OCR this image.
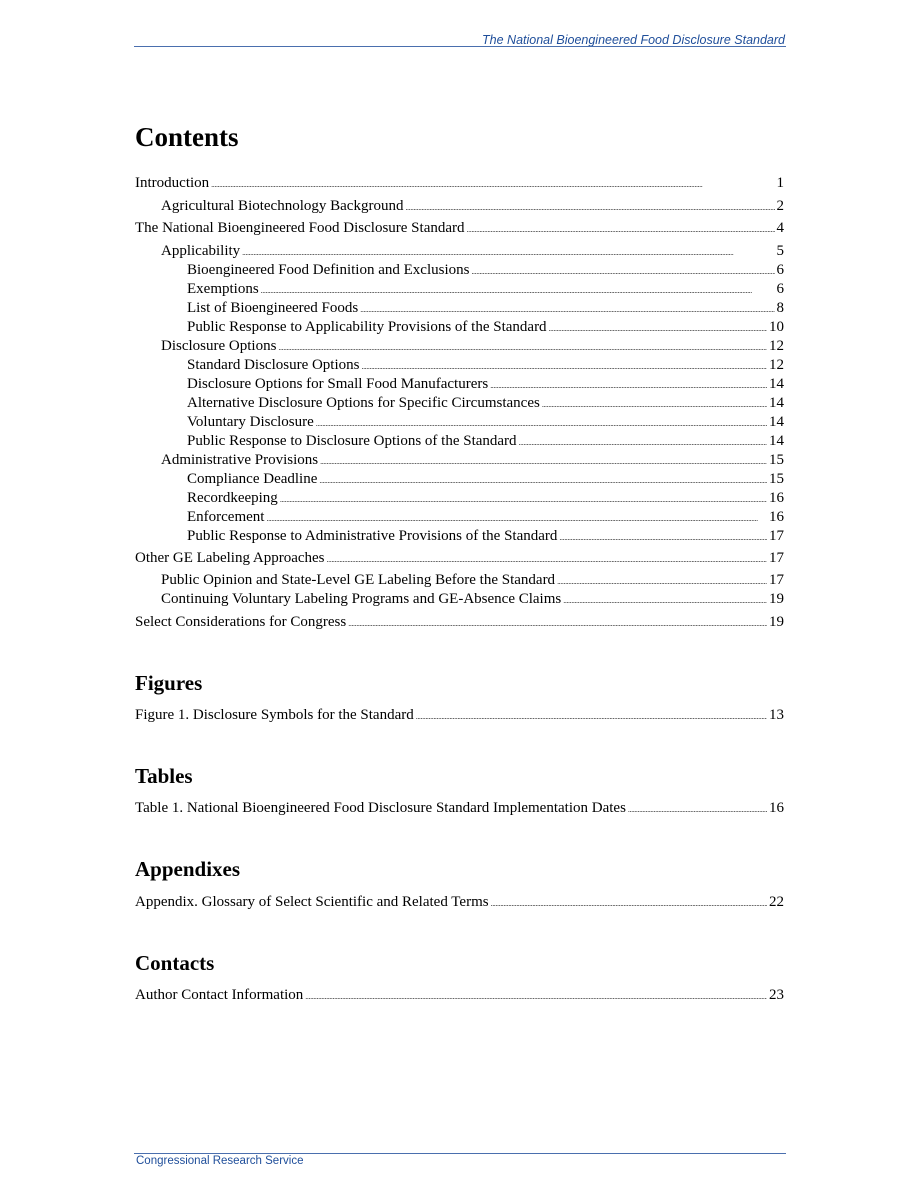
The National Bioengineered Food Disclosure Standard
Contents
Introduction . . .	1
Agricultural Biotechnology Background . . .	2
The National Bioengineered Food Disclosure Standard . . .	4
Applicability . . .	5
Bioengineered Food Definition and Exclusions . . .	6
Exemptions . . .	6
List of Bioengineered Foods . . .	8
Public Response to Applicability Provisions of the Standard . . .	10
Disclosure Options . . .	12
Standard Disclosure Options . . .	12
Disclosure Options for Small Food Manufacturers . . .	14
Alternative Disclosure Options for Specific Circumstances . . .	14
Voluntary Disclosure . . .	14
Public Response to Disclosure Options of the Standard . . .	14
Administrative Provisions . . .	15
Compliance Deadline . . .	15
Recordkeeping . . .	16
Enforcement . . .	16
Public Response to Administrative Provisions of the Standard . . .	17
Other GE Labeling Approaches . . .	17
Public Opinion and State-Level GE Labeling Before the Standard . . .	17
Continuing Voluntary Labeling Programs and GE-Absence Claims . . .	19
Select Considerations for Congress . . .	19
Figures
Figure 1. Disclosure Symbols for the Standard . . .	13
Tables
Table 1. National Bioengineered Food Disclosure Standard Implementation Dates . . .	16
Appendixes
Appendix. Glossary of Select Scientific and Related Terms . . .	22
Contacts
Author Contact Information . . .	23
Congressional Research Service
